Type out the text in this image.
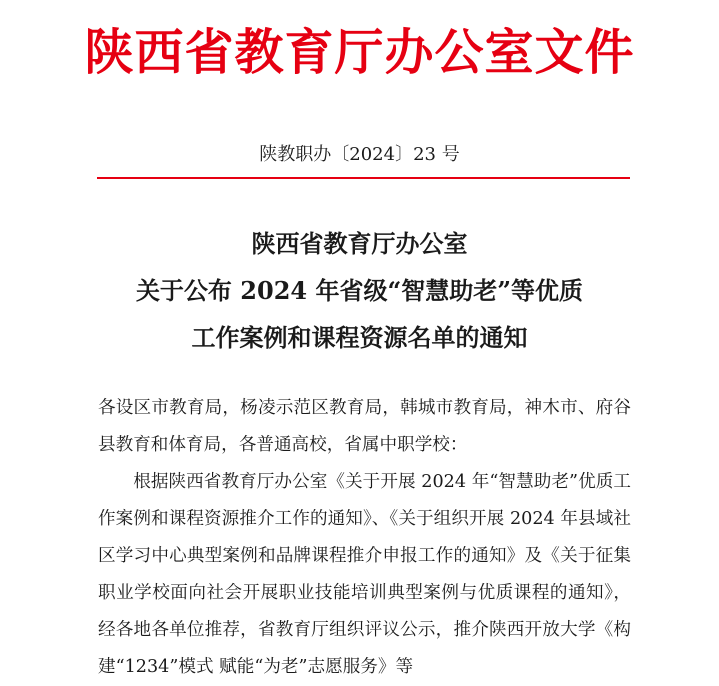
陕西省教育厅办公室文件
陕教职办〔2024〕23 号
陕西省教育厅办公室
关于公布 2024 年省级“智慧助老”等优质
工作案例和课程资源名单的通知

各设区市教育局，杨凌示范区教育局，韩城市教育局，神木市、府谷县教育和体育局，各普通高校，省属中职学校：

根据陕西省教育厅办公室《关于开展 2024 年“智慧助老”优质工作案例和课程资源推介工作的通知》、《关于组织开展 2024 年县域社区学习中心典型案例和品牌课程推介申报工作的通知》及《关于征集职业学校面向社会开展职业技能培训典型案例与优质课程的通知》，经各地各单位推荐，省教育厅组织评议公示，推介陕西开放大学《构建“1234”模式 赋能“为老”志愿服务》等
